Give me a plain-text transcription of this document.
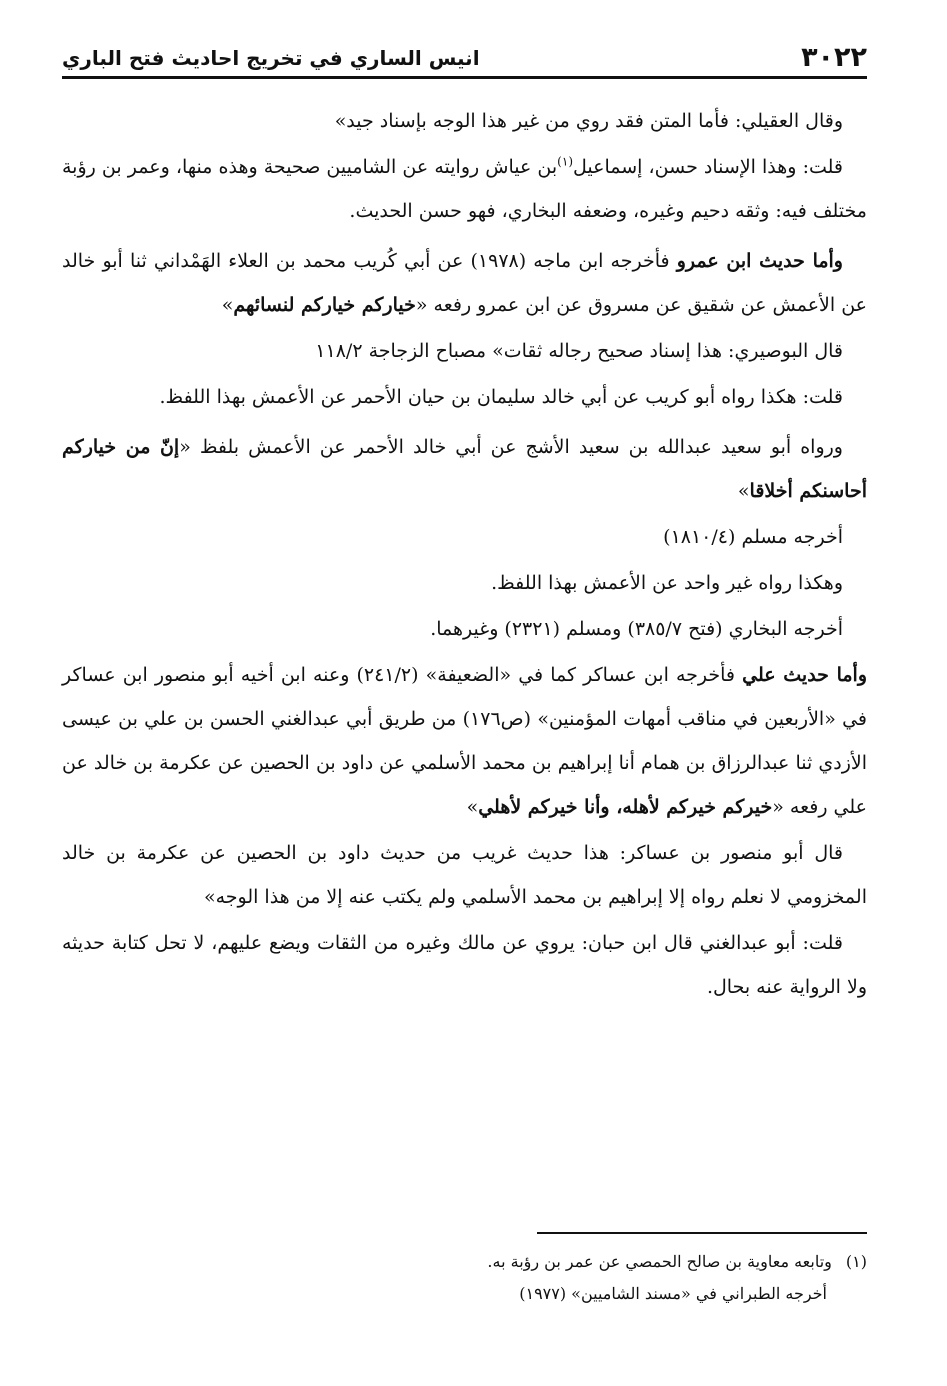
٣٠٢٢
انيس الساري في تخريج احاديث فتح الباري

وقال العقيلي: فأما المتن فقد روي من غير هذا الوجه بإسناد جيد»

قلت: وهذا الإسناد حسن، إسماعيل$^{(١)}$بن عياش روايته عن الشاميين صحيحة وهذه منها، وعمر بن رؤبة مختلف فيه: وثقه دحيم وغيره، وضعفه البخاري، فهو حسن الحديث.

وأما حديث ابن عمرو فأخرجه ابن ماجه (١٩٧٨) عن أبي كُريب محمد بن العلاء الهَمْداني ثنا أبو خالد عن الأعمش عن شقيق عن مسروق عن ابن عمرو رفعه «خياركم خياركم لنسائهم»

قال البوصيري: هذا إسناد صحيح رجاله ثقات» مصباح الزجاجة ١١٨/٢

قلت: هكذا رواه أبو كريب عن أبي خالد سليمان بن حيان الأحمر عن الأعمش بهذا اللفظ.

ورواه أبو سعيد عبدالله بن سعيد الأشج عن أبي خالد الأحمر عن الأعمش بلفظ «إنّ من خياركم أحاسنكم أخلاقا»

أخرجه مسلم (١٨١٠/٤)

وهكذا رواه غير واحد عن الأعمش بهذا اللفظ.

أخرجه البخاري (فتح ٣٨٥/٧) ومسلم (٢٣٢١) وغيرهما.

وأما حديث علي فأخرجه ابن عساكر كما في «الضعيفة» (٢٤١/٢) وعنه ابن أخيه أبو منصور ابن عساكر في «الأربعين في مناقب أمهات المؤمنين» (ص١٧٦) من طريق أبي عبدالغني الحسن بن علي بن عيسى الأزدي ثنا عبدالرزاق بن همام أنا إبراهيم بن محمد الأسلمي عن داود بن الحصين عن عكرمة بن خالد عن علي رفعه «خيركم خيركم لأهله، وأنا خيركم لأهلي»

قال أبو منصور بن عساكر: هذا حديث غريب من حديث داود بن الحصين عن عكرمة بن خالد المخزومي لا نعلم رواه إلا إبراهيم بن محمد الأسلمي ولم يكتب عنه إلا من هذا الوجه»

قلت: أبو عبدالغني قال ابن حبان: يروي عن مالك وغيره من الثقات ويضع عليهم، لا تحل كتابة حديثه ولا الرواية عنه بحال.

(١)وتابعه معاوية بن صالح الحمصي عن عمر بن رؤبة به.
أخرجه الطبراني في «مسند الشاميين» (١٩٧٧)
